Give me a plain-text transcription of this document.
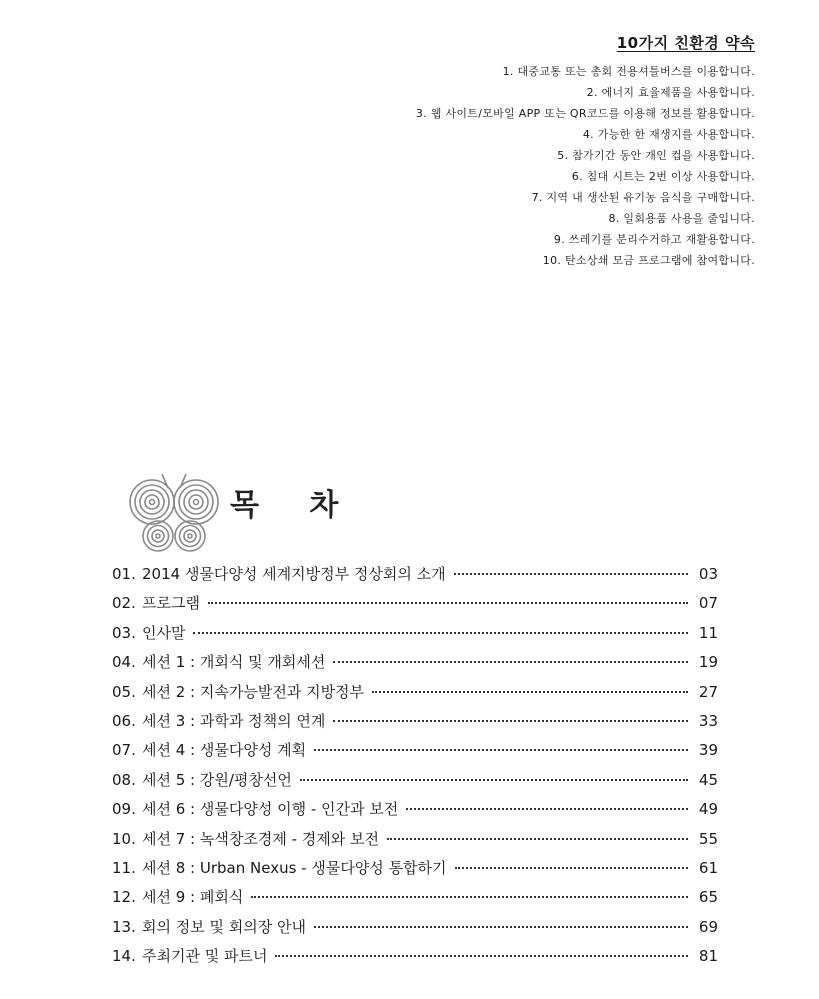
10가지 친환경 약속
1. 대중교통 또는 총회 전용셔틀버스를 이용합니다.
2. 에너지 효율제품을 사용합니다.
3. 웹 사이트/모바일 APP 또는 QR코드를 이용해 정보를 활용합니다.
4. 가능한 한 재생지를 사용합니다.
5. 참가기간 동안 개인 컵을 사용합니다.
6. 침대 시트는 2번 이상 사용합니다.
7. 지역 내 생산된 유기농 음식을 구매합니다.
8. 일회용품 사용을 줄입니다.
9. 쓰레기를 분리수거하고 재활용합니다.
10. 탄소상쇄 모금 프로그램에 참여합니다.
목 차
01. 2014 생물다양성 세계지방정부 정상회의 소개	03
02. 프로그램	07
03. 인사말	11
04. 세션 1 : 개회식 및 개회세션	19
05. 세션 2 : 지속가능발전과 지방정부	27
06. 세션 3 : 과학과 정책의 연계	33
07. 세션 4 : 생물다양성 계획	39
08. 세션 5 : 강원/평창선언	45
09. 세션 6 : 생물다양성 이행 - 인간과 보전	49
10. 세션 7 : 녹색창조경제 - 경제와 보전	55
11. 세션 8 : Urban Nexus - 생물다양성 통합하기	61
12. 세션 9 : 폐회식	65
13. 회의 정보 및 회의장 안내	69
14. 주최기관 및 파트너	81
